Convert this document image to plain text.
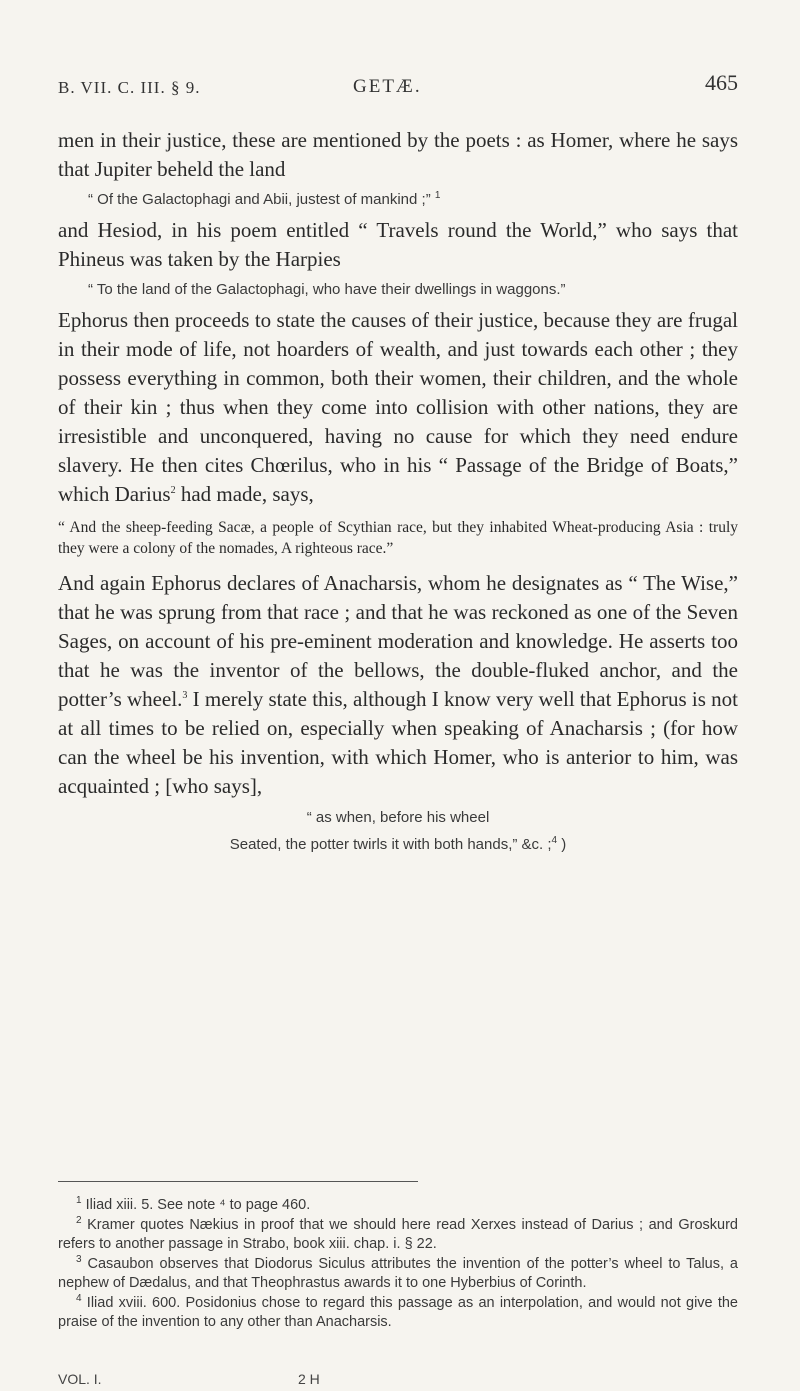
B. VII. C. III. § 9.	GETÆ.	465

men in their justice, these are mentioned by the poets : as Homer, where he says that Jupiter beheld the land

“ Of the Galactophagi and Abii, justest of mankind ;” $^1$

and Hesiod, in his poem entitled “ Travels round the World,” who says that Phineus was taken by the Harpies

“ To the land of the Galactophagi, who have their dwellings in waggons.”

Ephorus then proceeds to state the causes of their justice, because they are frugal in their mode of life, not hoarders of wealth, and just towards each other ; they possess everything in common, both their women, their children, and the whole of their kin ; thus when they come into collision with other nations, they are irresistible and unconquered, having no cause for which they need endure slavery. He then cites Chœrilus, who in his “ Passage of the Bridge of Boats,” which Darius$^2$ had made, says,

“ And the sheep-feeding Sacæ, a people of Scythian race, but they inhabited Wheat-producing Asia : truly they were a colony of the nomades, A righteous race.”

And again Ephorus declares of Anacharsis, whom he designates as “ The Wise,” that he was sprung from that race ; and that he was reckoned as one of the Seven Sages, on account of his pre-eminent moderation and knowledge. He asserts too that he was the inventor of the bellows, the double-fluked anchor, and the potter’s wheel.$^3$ I merely state this, although I know very well that Ephorus is not at all times to be relied on, especially when speaking of Anacharsis ; (for how can the wheel be his invention, with which Homer, who is anterior to him, was acquainted ; [who says],

“ as when, before his wheel

Seated, the potter twirls it with both hands,” &c. ;$^4$ )

$^1$ Iliad xiii. 5. See note ⁴ to page 460.

$^2$ Kramer quotes Nækius in proof that we should here read Xerxes instead of Darius ; and Groskurd refers to another passage in Strabo, book xiii. chap. i. § 22.

$^3$ Casaubon observes that Diodorus Siculus attributes the invention of the potter’s wheel to Talus, a nephew of Dædalus, and that Theophrastus awards it to one Hyberbius of Corinth.

$^4$ Iliad xviii. 600. Posidonius chose to regard this passage as an interpolation, and would not give the praise of the invention to any other than Anacharsis.

VOL. I.	2 H
